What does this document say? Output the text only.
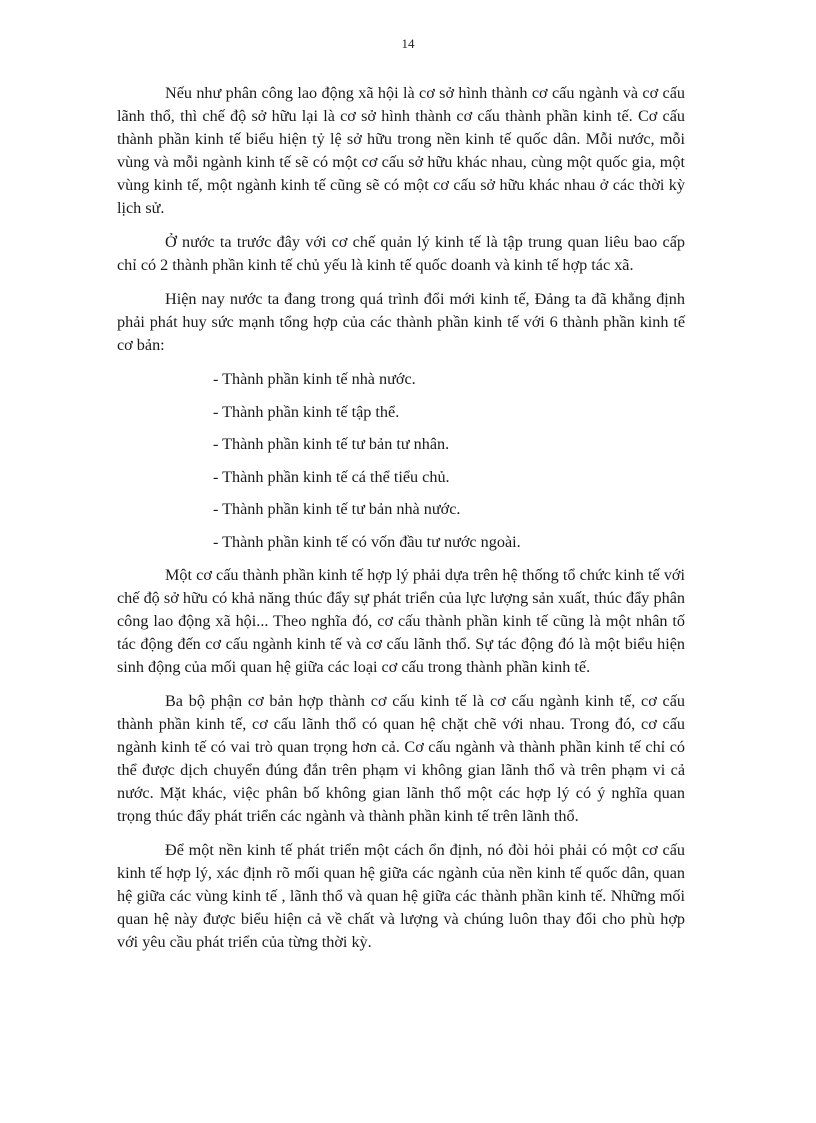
14

Nếu như phân công lao động xã hội là cơ sở hình thành cơ cấu ngành và cơ cấu lãnh thổ, thì chế độ sở hữu lại là cơ sở hình thành cơ cấu thành phần kinh tế. Cơ cấu thành phần kinh tế biểu hiện tỷ lệ sở hữu trong nền kinh tế quốc dân. Mỗi nước, mỗi vùng và mỗi ngành kinh tế sẽ có một cơ cấu sở hữu khác nhau, cùng một quốc gia, một vùng kinh tế, một ngành kinh tế cũng sẽ có một cơ cấu sở hữu khác nhau ở các thời kỳ lịch sử.

Ở nước ta trước đây với cơ chế quản lý kinh tế là tập trung quan liêu bao cấp chỉ có 2 thành phần kinh tế chủ yếu là kinh tế quốc doanh và kinh tế hợp tác xã.

Hiện nay nước ta đang trong quá trình đổi mới kinh tế, Đảng ta đã khẳng định phải phát huy sức mạnh tổng hợp của các thành phần kinh tế với 6 thành phần kinh tế cơ bản:

- Thành phần kinh tế nhà nước.
- Thành phần kinh tế tập thể.
- Thành phần kinh tế tư bản tư nhân.
- Thành phần kinh tế cá thể tiểu chủ.
- Thành phần kinh tế tư bản nhà nước.
- Thành phần kinh tế có vốn đầu tư nước ngoài.

Một cơ cấu thành phần kinh tế hợp lý phải dựa trên hệ thống tổ chức kinh tế với chế độ sở hữu có khả năng thúc đẩy sự phát triển của lực lượng sản xuất, thúc đẩy phân công lao động xã hội... Theo nghĩa đó, cơ cấu thành phần kinh tế cũng là một nhân tố tác động đến cơ cấu ngành kinh tế và cơ cấu lãnh thổ. Sự tác động đó là một biểu hiện sinh động của mối quan hệ giữa các loại cơ cấu trong thành phần kinh tế.

Ba bộ phận cơ bản hợp thành cơ cấu kinh tế là cơ cấu ngành kinh tế, cơ cấu thành phần kinh tế, cơ cấu lãnh thổ có quan hệ chặt chẽ với nhau. Trong đó, cơ cấu ngành kinh tế có vai trò quan trọng hơn cả. Cơ cấu ngành và thành phần kinh tế chỉ có thể được dịch chuyển đúng đắn trên phạm vi không gian lãnh thổ và trên phạm vi cả nước. Mặt khác, việc phân bố không gian lãnh thổ một các hợp lý có ý nghĩa quan trọng thúc đẩy phát triển các ngành và thành phần kinh tế trên lãnh thổ.

Để một nền kinh tế phát triển một cách ổn định, nó đòi hỏi phải có một cơ cấu kinh tế hợp lý, xác định rõ mối quan hệ giữa các ngành của nền kinh tế quốc dân, quan hệ giữa các vùng kinh tế , lãnh thổ và quan hệ giữa các thành phần kinh tế. Những mối quan hệ này được biểu hiện cả về chất và lượng và chúng luôn thay đổi cho phù hợp với yêu cầu phát triển của từng thời kỳ.
